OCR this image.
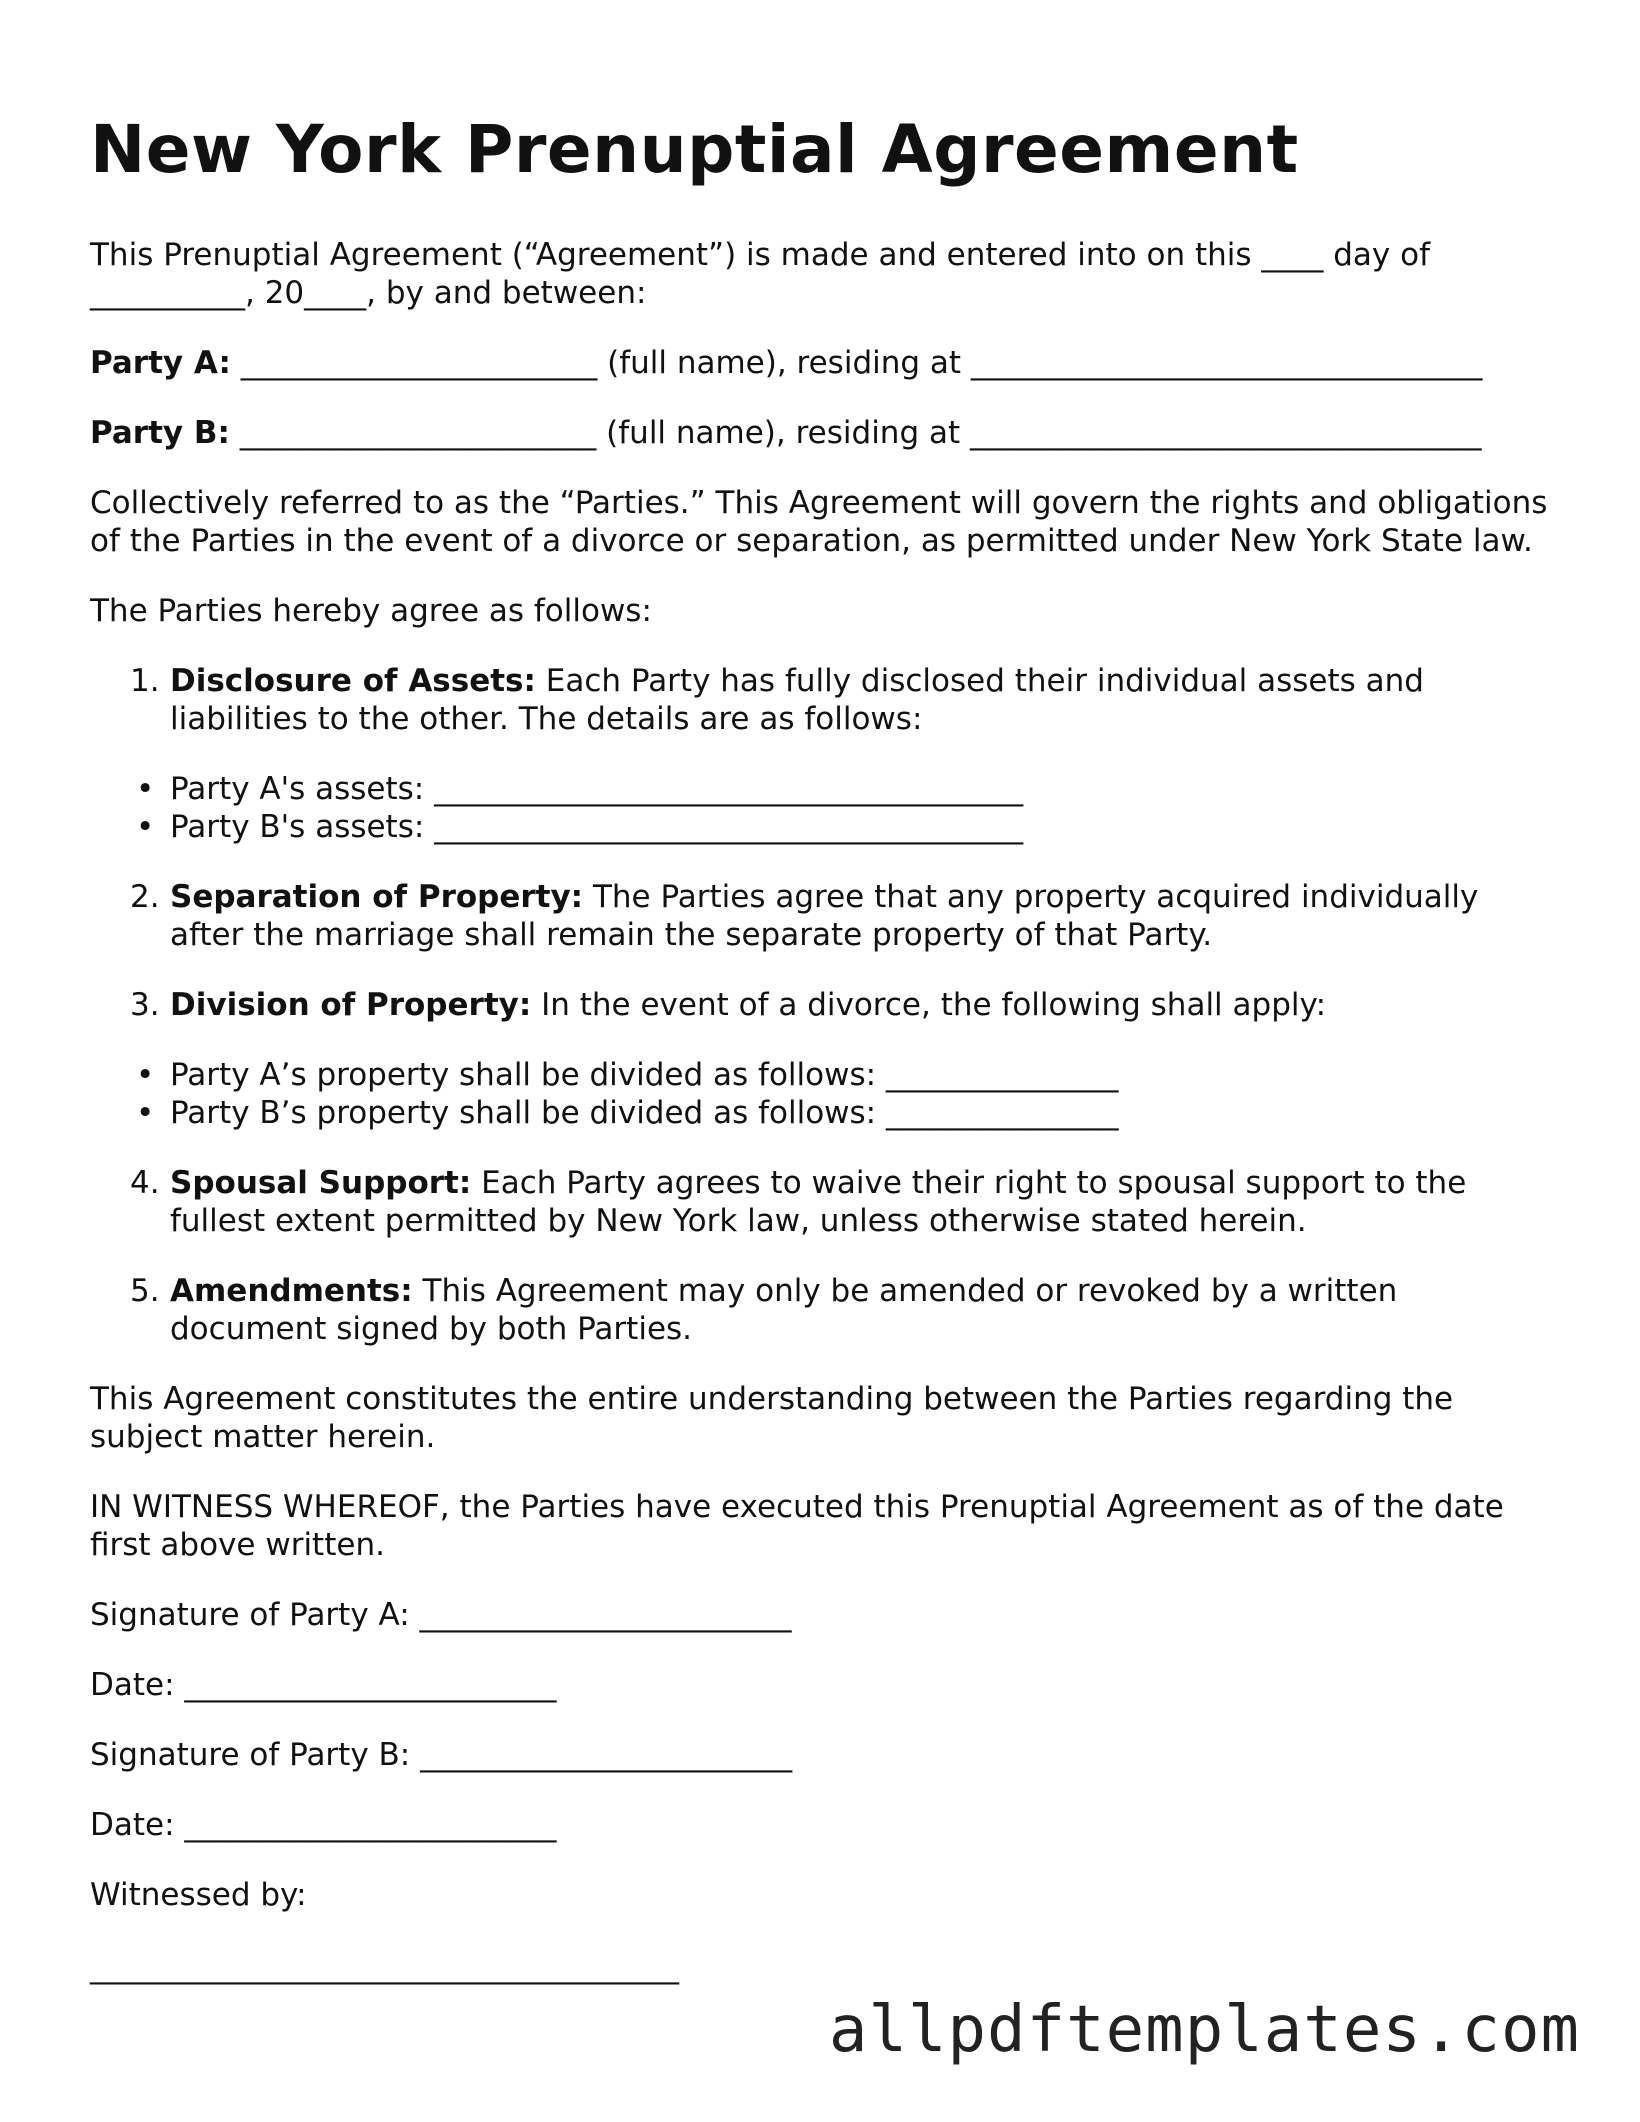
New York Prenuptial Agreement

This Prenuptial Agreement (“Agreement”) is made and entered into on this ____ day of __________, 20____, by and between:

Party A: _______________________ (full name), residing at _________________________________

Party B: _______________________ (full name), residing at _________________________________

Collectively referred to as the “Parties.” This Agreement will govern the rights and obligations of the Parties in the event of a divorce or separation, as permitted under New York State law.

The Parties hereby agree as follows:

1. Disclosure of Assets: Each Party has fully disclosed their individual assets and liabilities to the other. The details are as follows:
• Party A's assets: ______________________________________
• Party B's assets: ______________________________________
2. Separation of Property: The Parties agree that any property acquired individually after the marriage shall remain the separate property of that Party.
3. Division of Property: In the event of a divorce, the following shall apply:
• Party A’s property shall be divided as follows: _______________
• Party B’s property shall be divided as follows: _______________
4. Spousal Support: Each Party agrees to waive their right to spousal support to the fullest extent permitted by New York law, unless otherwise stated herein.
5. Amendments: This Agreement may only be amended or revoked by a written document signed by both Parties.

This Agreement constitutes the entire understanding between the Parties regarding the subject matter herein.

IN WITNESS WHEREOF, the Parties have executed this Prenuptial Agreement as of the date first above written.

Signature of Party A: ________________________

Date: ________________________

Signature of Party B: ________________________

Date: ________________________

Witnessed by:

______________________________________

allpdftemplates.com
